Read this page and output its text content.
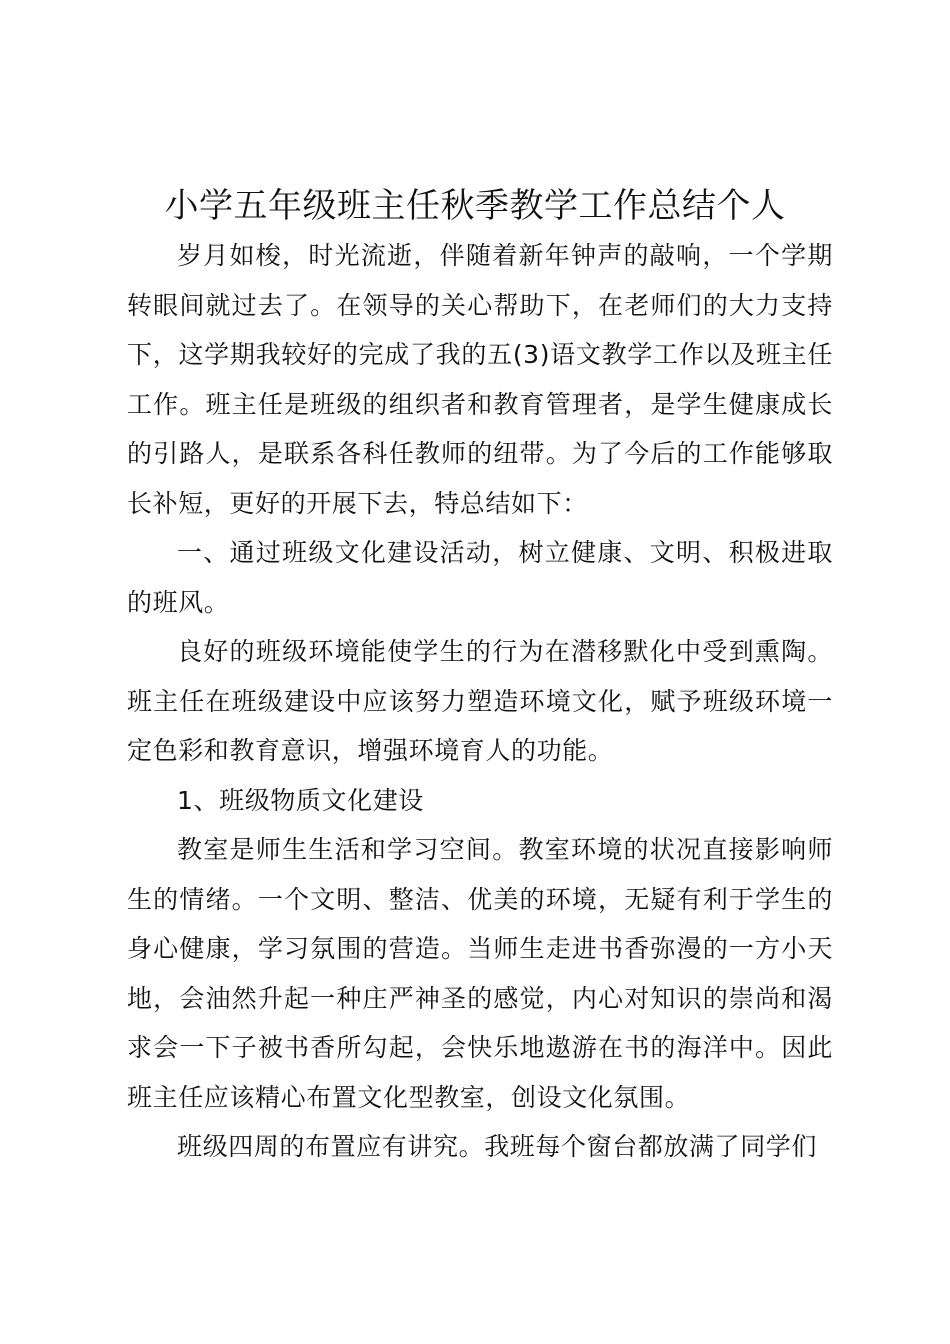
小学五年级班主任秋季教学工作总结个人

岁月如梭，时光流逝，伴随着新年钟声的敲响，一个学期转眼间就过去了。在领导的关心帮助下，在老师们的大力支持下，这学期我较好的完成了我的五(3)语文教学工作以及班主任工作。班主任是班级的组织者和教育管理者，是学生健康成长的引路人，是联系各科任教师的纽带。为了今后的工作能够取长补短，更好的开展下去，特总结如下：

一、通过班级文化建设活动，树立健康、文明、积极进取的班风。

良好的班级环境能使学生的行为在潜移默化中受到熏陶。班主任在班级建设中应该努力塑造环境文化，赋予班级环境一定色彩和教育意识，增强环境育人的功能。

1、班级物质文化建设

教室是师生生活和学习空间。教室环境的状况直接影响师生的情绪。一个文明、整洁、优美的环境，无疑有利于学生的身心健康，学习氛围的营造。当师生走进书香弥漫的一方小天地，会油然升起一种庄严神圣的感觉，内心对知识的崇尚和渴求会一下子被书香所勾起，会快乐地遨游在书的海洋中。因此班主任应该精心布置文化型教室，创设文化氛围。

班级四周的布置应有讲究。我班每个窗台都放满了同学们
